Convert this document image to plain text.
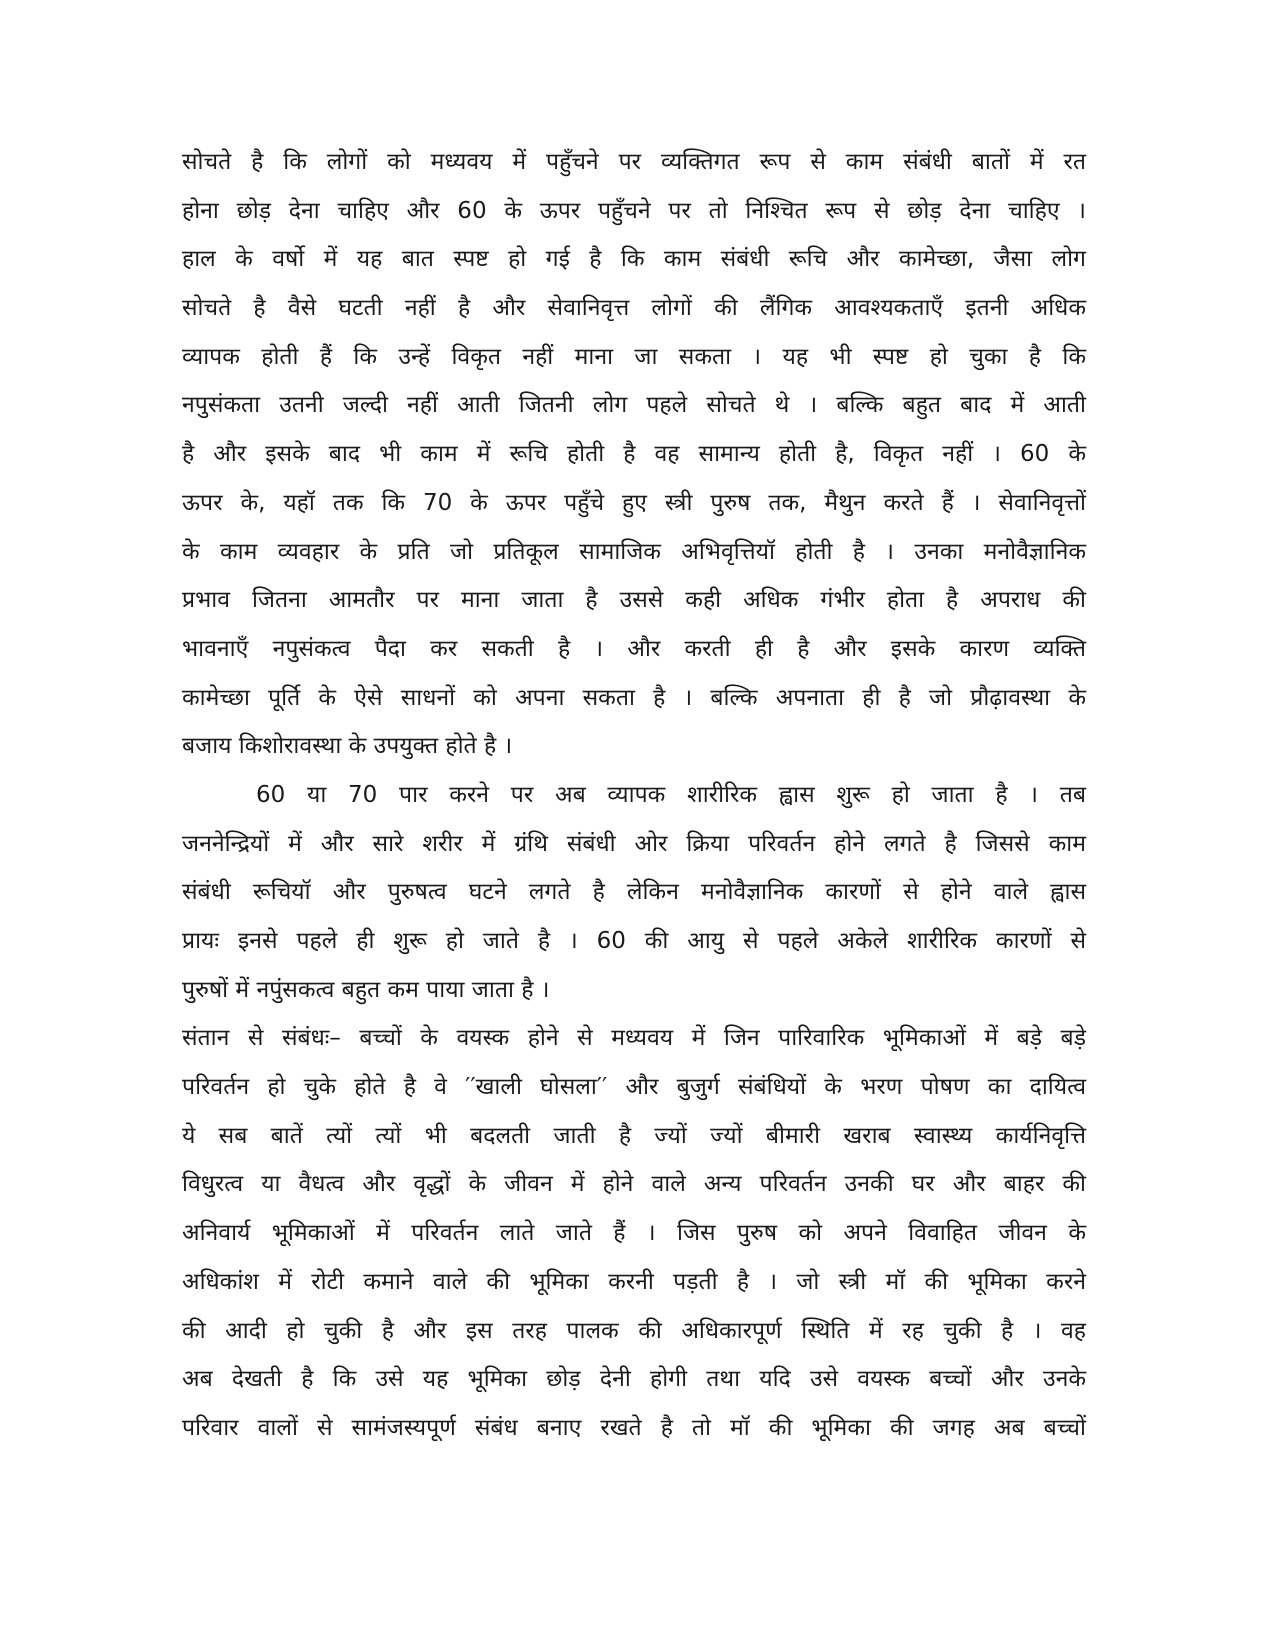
सोचते है कि लोगों को मध्यवय में पहुँचने पर व्यक्तिगत रूप से काम संबंधी बातों में रत
होना छोड़ देना चाहिए और 60 के ऊपर पहुँचने पर तो निश्चित रूप से छोड़ देना चाहिए ।
हाल के वर्षो में यह बात स्पष्ट हो गई है कि काम संबंधी रूचि और कामेच्छा, जैसा लोग
सोचते है वैसे घटती नहीं है और सेवानिवृत्त लोगों की लैंगिक आवश्यकताएँ इतनी अधिक
व्यापक होती हैं कि उन्हें विकृत नहीं माना जा सकता । यह भी स्पष्ट हो चुका है कि
नपुसंकता उतनी जल्दी नहीं आती जितनी लोग पहले सोचते थे । बल्कि बहुत बाद में आती
है और इसके बाद भी काम में रूचि होती है वह सामान्य होती है, विकृत नहीं । 60 के
ऊपर के, यहॉ तक कि 70 के ऊपर पहुँचे हुए स्त्री पुरुष तक, मैथुन करते हैं । सेवानिवृत्तों
के काम व्यवहार के प्रति जो प्रतिकूल सामाजिक अभिवृत्तियॉ होती है । उनका मनोवैज्ञानिक
प्रभाव जितना आमतौर पर माना जाता है उससे कही अधिक गंभीर होता है अपराध की
भावनाएँ नपुसंकत्व पैदा कर सकती है । और करती ही है और इसके कारण व्यक्ति
कामेच्छा पूर्ति के ऐसे साधनों को अपना सकता है । बल्कि अपनाता ही है जो प्रौढ़ावस्था के
बजाय किशोरावस्था के उपयुक्त होते है ।
60 या 70 पार करने पर अब व्यापक शारीरिक ह्वास शुरू हो जाता है । तब
जननेन्द्रियों में और सारे शरीर में ग्रंथि संबंधी ओर क्रिया परिवर्तन होने लगते है जिससे काम
संबंधी रूचियॉ और पुरुषत्व घटने लगते है लेकिन मनोवैज्ञानिक कारणों से होने वाले ह्वास
प्रायः इनसे पहले ही शुरू हो जाते है । 60 की आयु से पहले अकेले शारीरिक कारणों से
पुरुषों में नपुंसकत्व बहुत कम पाया जाता है ।
संतान से संबंधः– बच्चों के वयस्क होने से मध्यवय में जिन पारिवारिक भूमिकाओं में बड़े बड़े
परिवर्तन हो चुके होते है वे ′′खाली घोसला′′ और बुजुर्ग संबंधियों के भरण पोषण का दायित्व
ये सब बातें त्यों त्यों भी बदलती जाती है ज्यों ज्यों बीमारी खराब स्वास्थ्य कार्यनिवृत्ति
विधुरत्व या वैधत्व और वृद्धों के जीवन में होने वाले अन्य परिवर्तन उनकी घर और बाहर की
अनिवार्य भूमिकाओं में परिवर्तन लाते जाते हैं । जिस पुरुष को अपने विवाहित जीवन के
अधिकांश में रोटी कमाने वाले की भूमिका करनी पड़ती है । जो स्त्री मॉ की भूमिका करने
की आदी हो चुकी है और इस तरह पालक की अधिकारपूर्ण स्थिति में रह चुकी है । वह
अब देखती है कि उसे यह भूमिका छोड़ देनी होगी तथा यदि उसे वयस्क बच्चों और उनके
परिवार वालों से सामंजस्यपूर्ण संबंध बनाए रखते है तो मॉ की भूमिका की जगह अब बच्चों
